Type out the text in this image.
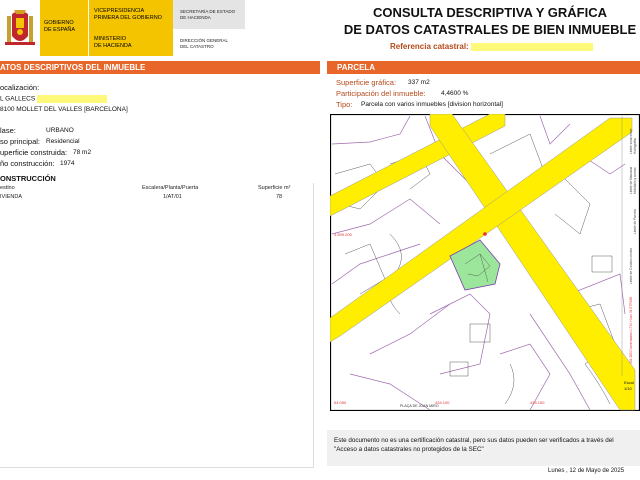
GOBIERNO
DE ESPAÑA
VICEPRESIDENCIA
PRIMERA DEL GOBIERNO
MINISTERIO
DE HACIENDA
SECRETARÍA DE ESTADO
DE HACIENDA
DIRECCIÓN GENERAL
DEL CATASTRO
CONSULTA DESCRIPTIVA Y GRÁFICA
DE DATOS CATASTRALES DE BIEN INMUEBLE
Referencia catastral:
ATOS DESCRIPTIVOS DEL INMUEBLE
ocalización:
L GALLECS
8100 MOLLET DEL VALLES [BARCELONA]
lase:	URBANO
so principal: Residencial
uperficie construida: 78 m2
ño construcción: 1974
ONSTRUCCIÓN
estino	Escalera/Planta/Puerta	Superficie m²
IVIENDA	1/AT/01	78
PARCELA
Superficie gráfica: 337 m2
Participación del inmueble: 4,4600 %
Tipo: Parcela con varios inmuebles [division horizontal]
4.599.200
54.050	434.100	434.150
PLAÇA DE JOAN MIRO
Límite de Manzana
Límite de Parcela
Límite de Construcciones
Mobiliario y aceras
Límite zona verde Hidrografía
434.100 Coordenadas U.T.M. Huso 31 ETRS89
Escal
1/10
Este documento no es una certificación catastral, pero sus datos pueden ser verificados a través del "Acceso a datos catastrales no protegidos de la SEC"
Lunes , 12 de Mayo de 2025
